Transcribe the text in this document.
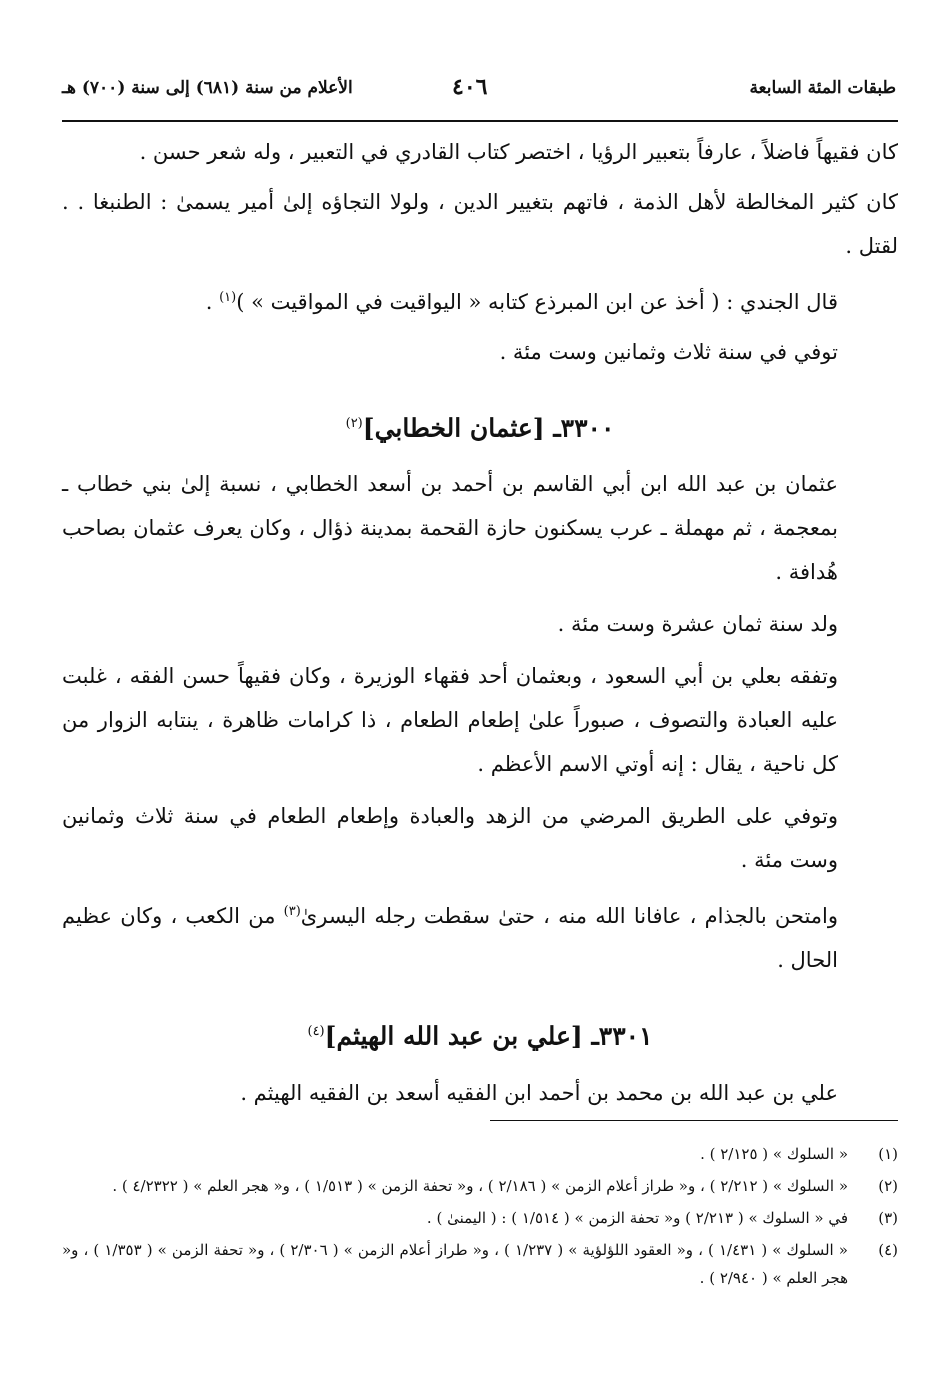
طبقات المئة السابعة
٤٠٦
الأعلام من سنة (٦٨١) إلى سنة (٧٠٠) هـ

كان فقيهاً فاضلاً ، عارفاً بتعبير الرؤيا ، اختصر كتاب القادري في التعبير ، وله شعر حسن .

كان كثير المخالطة لأهل الذمة ، فاتهم بتغيير الدين ، ولولا التجاؤه إلىٰ أمير يسمىٰ : الطنبغا . . لقتل .

قال الجندي : ( أخذ عن ابن المبرذع كتابه « اليواقيت في المواقيت » )$^{(١)}$ .

توفي في سنة ثلاث وثمانين وست مئة .

٣٣٠٠ـ [عثمان الخطابي]$^{(٢)}$

عثمان بن عبد الله ابن أبي القاسم بن أحمد بن أسعد الخطابي ، نسبة إلىٰ بني خطاب ـ بمعجمة ، ثم مهملة ـ عرب يسكنون حازة القحمة بمدينة ذؤال ، وكان يعرف عثمان بصاحب هُدافة .

ولد سنة ثمان عشرة وست مئة .

وتفقه بعلي بن أبي السعود ، وبعثمان أحد فقهاء الوزيرة ، وكان فقيهاً حسن الفقه ، غلبت عليه العبادة والتصوف ، صبوراً علىٰ إطعام الطعام ، ذا كرامات ظاهرة ، ينتابه الزوار من كل ناحية ، يقال : إنه أوتي الاسم الأعظم .

وتوفي على الطريق المرضي من الزهد والعبادة وإطعام الطعام في سنة ثلاث وثمانين وست مئة .

وامتحن بالجذام ، عافانا الله منه ، حتىٰ سقطت رجله اليسرىٰ$^{(٣)}$ من الكعب ، وكان عظيم الحال .

٣٣٠١ـ [علي بن عبد الله الهيثم]$^{(٤)}$

علي بن عبد الله بن محمد بن أحمد ابن الفقيه أسعد بن الفقيه الهيثم .

(١)
« السلوك » ( ٢/١٢٥ ) .
(٢)
« السلوك » ( ٢/٢١٢ ) ، و« طراز أعلام الزمن » ( ٢/١٨٦ ) ، و« تحفة الزمن » ( ١/٥١٣ ) ، و« هجر العلم » ( ٤/٢٣٢٢ ) .
(٣)
في « السلوك » ( ٢/٢١٣ ) و« تحفة الزمن » ( ١/٥١٤ ) : ( اليمنىٰ ) .
(٤)
« السلوك » ( ١/٤٣١ ) ، و« العقود اللؤلؤية » ( ١/٢٣٧ ) ، و« طراز أعلام الزمن » ( ٢/٣٠٦ ) ، و« تحفة الزمن » ( ١/٣٥٣ ) ، و« هجر العلم » ( ٢/٩٤٠ ) .
